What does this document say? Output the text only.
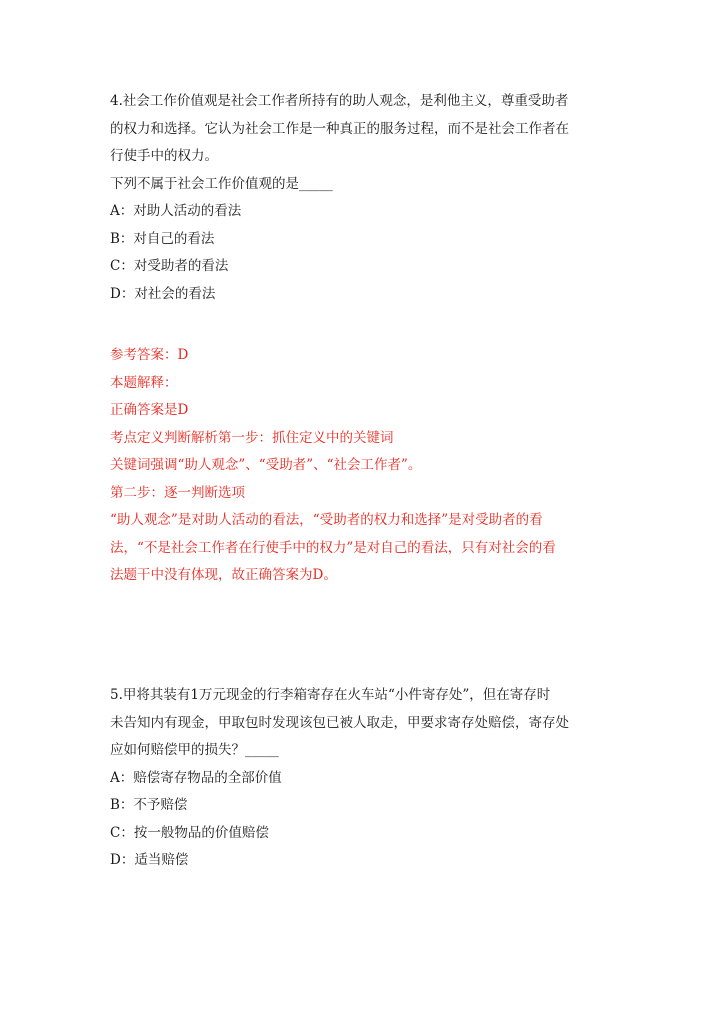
4.社会工作价值观是社会工作者所持有的助人观念，是利他主义，尊重受助者
的权力和选择。它认为社会工作是一种真正的服务过程，而不是社会工作者在
行使手中的权力。
下列不属于社会工作价值观的是_____
A：对助人活动的看法
B：对自己的看法
C：对受助者的看法
D：对社会的看法
参考答案：D
本题解释：
正确答案是D
考点定义判断解析第一步：抓住定义中的关键词
关键词强调“助人观念”、“受助者”、“社会工作者”。
第二步：逐一判断选项
“助人观念”是对助人活动的看法，“受助者的权力和选择”是对受助者的看
法，“不是社会工作者在行使手中的权力”是对自己的看法，只有对社会的看
法题干中没有体现，故正确答案为D。
5.甲将其装有1万元现金的行李箱寄存在火车站“小件寄存处”，但在寄存时
未告知内有现金，甲取包时发现该包已被人取走，甲要求寄存处赔偿，寄存处
应如何赔偿甲的损失？_____
A：赔偿寄存物品的全部价值
B：不予赔偿
C：按一般物品的价值赔偿
D：适当赔偿
